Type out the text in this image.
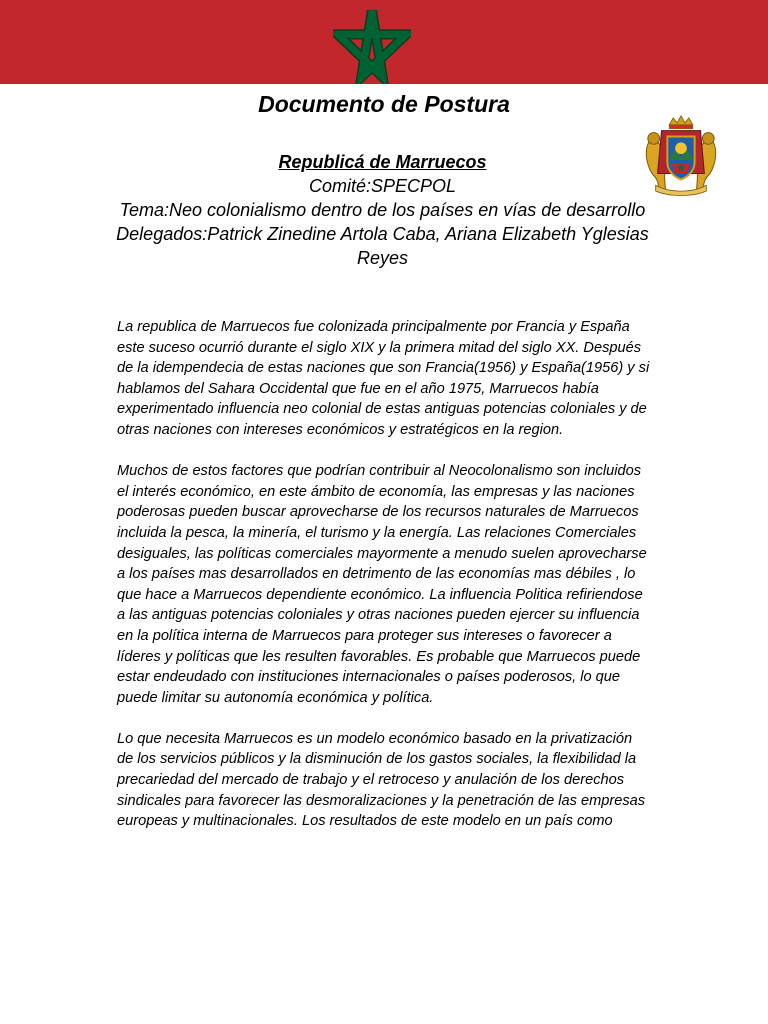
Documento de Postura
Republicá de Marruecos
Comité:SPECPOL
Tema:Neo colonialismo dentro de los países en vías de desarrollo
Delegados:Patrick Zinedine Artola Caba, Ariana Elizabeth Yglesias Reyes

La republica de Marruecos fue colonizada principalmente por Francia y España este suceso ocurrió durante el siglo XIX y la primera mitad del siglo XX. Después de la idempendecia de estas naciones que son Francia(1956) y España(1956) y si hablamos del Sahara Occidental que fue en el año 1975, Marruecos había experimentado influencia neo colonial de estas antiguas potencias coloniales y de otras naciones con intereses económicos y estratégicos en la region.

Muchos de estos factores que podrían contribuir al Neocolonalismo son incluidos el interés económico, en este ámbito de economía, las empresas y las naciones poderosas pueden buscar aprovecharse de los recursos naturales de Marruecos incluida la pesca, la minería, el turismo y la energía. Las relaciones Comerciales desiguales, las políticas comerciales mayormente a menudo suelen aprovecharse a los países mas desarrollados en detrimento de las economías mas débiles , lo que hace a Marruecos dependiente económico. La influencia Politica refiriendose a las antiguas potencias coloniales y otras naciones pueden ejercer su influencia en la política interna de Marruecos para proteger sus intereses o favorecer a líderes y políticas que les resulten favorables. Es probable que Marruecos puede estar endeudado con instituciones internacionales o países poderosos, lo que puede limitar su autonomía económica y política.

Lo que necesita Marruecos es un modelo económico basado en la privatización de los servicios públicos y la disminución de los gastos sociales, la flexibilidad la precariedad del mercado de trabajo y el retroceso y anulación de los derechos sindicales para favorecer las desmoralizaciones y la penetración de las empresas europeas y multinacionales. Los resultados de este modelo en un país como
